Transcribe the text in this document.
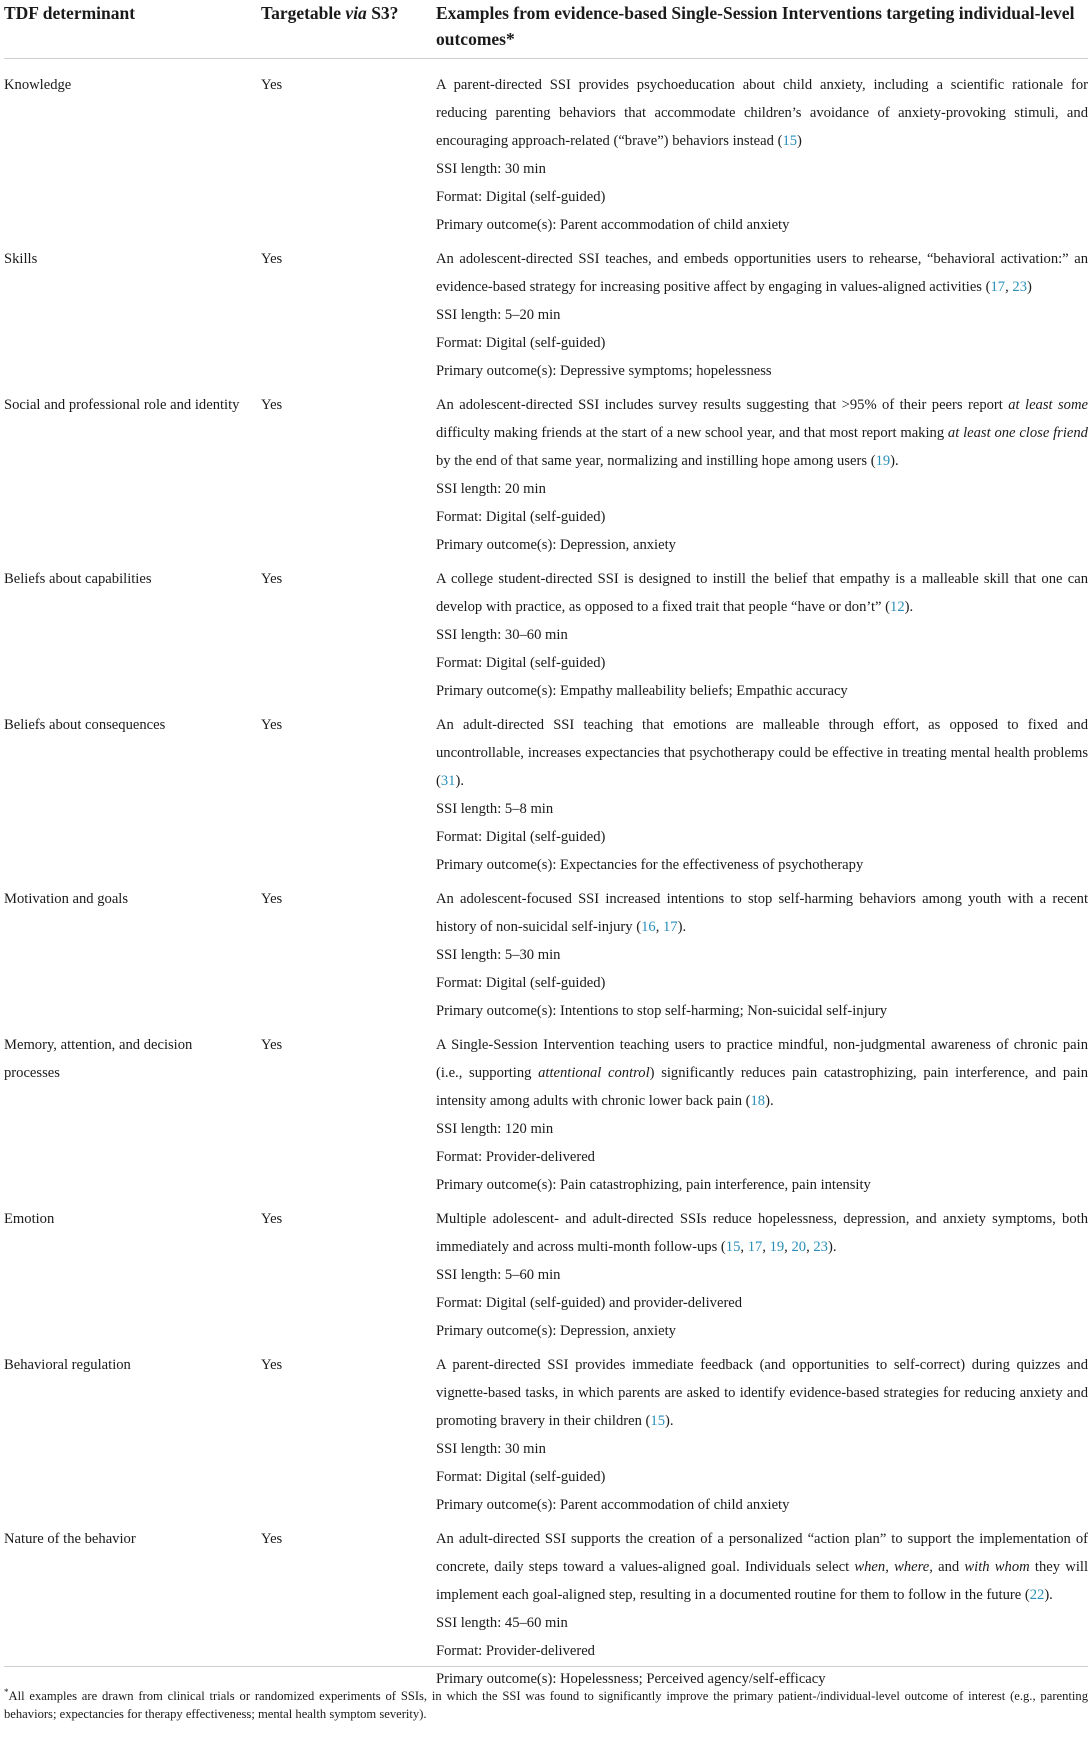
TDF determinant	Targetable via S3?	Examples from evidence-based Single-Session Interventions targeting individual-level outcomes*
Knowledge	Yes	A parent-directed SSI provides psychoeducation about child anxiety, including a scientific rationale for reducing parenting behaviors that accommodate children’s avoidance of anxiety-provoking stimuli, and encouraging approach-related (“brave”) behaviors instead (15)
SSI length: 30 min
Format: Digital (self-guided)
Primary outcome(s): Parent accommodation of child anxiety

Skills	Yes	An adolescent-directed SSI teaches, and embeds opportunities users to rehearse, “behavioral activation:” an evidence-based strategy for increasing positive affect by engaging in values-aligned activities (17, 23)
SSI length: 5–20 min
Format: Digital (self-guided)
Primary outcome(s): Depressive symptoms; hopelessness

Social and professional role and identity	Yes	An adolescent-directed SSI includes survey results suggesting that >95% of their peers report at least some difficulty making friends at the start of a new school year, and that most report making at least one close friend by the end of that same year, normalizing and instilling hope among users (19).
SSI length: 20 min
Format: Digital (self-guided)
Primary outcome(s): Depression, anxiety

Beliefs about capabilities	Yes	A college student-directed SSI is designed to instill the belief that empathy is a malleable skill that one can develop with practice, as opposed to a fixed trait that people “have or don’t” (12).
SSI length: 30–60 min
Format: Digital (self-guided)
Primary outcome(s): Empathy malleability beliefs; Empathic accuracy

Beliefs about consequences	Yes	An adult-directed SSI teaching that emotions are malleable through effort, as opposed to fixed and uncontrollable, increases expectancies that psychotherapy could be effective in treating mental health problems (31).
SSI length: 5–8 min
Format: Digital (self-guided)
Primary outcome(s): Expectancies for the effectiveness of psychotherapy

Motivation and goals	Yes	An adolescent-focused SSI increased intentions to stop self-harming behaviors among youth with a recent history of non-suicidal self-injury (16, 17).
SSI length: 5–30 min
Format: Digital (self-guided)
Primary outcome(s): Intentions to stop self-harming; Non-suicidal self-injury

Memory, attention, and decision processes	Yes	A Single-Session Intervention teaching users to practice mindful, non-judgmental awareness of chronic pain (i.e., supporting attentional control) significantly reduces pain catastrophizing, pain interference, and pain intensity among adults with chronic lower back pain (18).
SSI length: 120 min
Format: Provider-delivered
Primary outcome(s): Pain catastrophizing, pain interference, pain intensity

Emotion	Yes	Multiple adolescent- and adult-directed SSIs reduce hopelessness, depression, and anxiety symptoms, both immediately and across multi-month follow-ups (15, 17, 19, 20, 23).
SSI length: 5–60 min
Format: Digital (self-guided) and provider-delivered
Primary outcome(s): Depression, anxiety

Behavioral regulation	Yes	A parent-directed SSI provides immediate feedback (and opportunities to self-correct) during quizzes and vignette-based tasks, in which parents are asked to identify evidence-based strategies for reducing anxiety and promoting bravery in their children (15).
SSI length: 30 min
Format: Digital (self-guided)
Primary outcome(s): Parent accommodation of child anxiety

Nature of the behavior	Yes	An adult-directed SSI supports the creation of a personalized “action plan” to support the implementation of concrete, daily steps toward a values-aligned goal. Individuals select when, where, and with whom they will implement each goal-aligned step, resulting in a documented routine for them to follow in the future (22).
SSI length: 45–60 min
Format: Provider-delivered
Primary outcome(s): Hopelessness; Perceived agency/self-efficacy
*All examples are drawn from clinical trials or randomized experiments of SSIs, in which the SSI was found to significantly improve the primary patient-/individual-level outcome of interest (e.g., parenting behaviors; expectancies for therapy effectiveness; mental health symptom severity).
